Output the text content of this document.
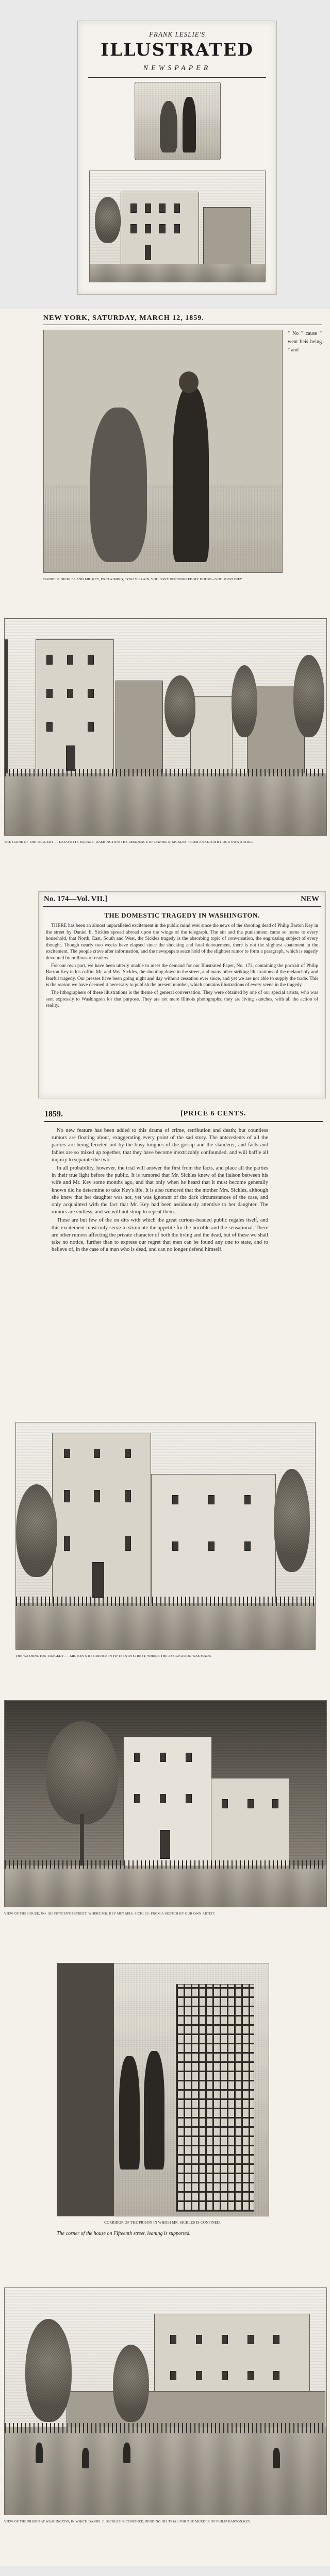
FRANK LESLIE'S
ILLUSTRATED
NEWSPAPER
NEW YORK, SATURDAY, MARCH 12, 1859.
DANIEL E. SICKLES AND MR. KEY, EXCLAIMING, "YOU VILLAIN, YOU HAVE DISHONORED MY HOUSE—YOU MUST DIE!"
" No " cause " went heis being " and
THE SCENE OF THE TRAGEDY — LAFAYETTE SQUARE, WASHINGTON; THE RESIDENCE OF DANIEL E. SICKLES. FROM A SKETCH BY OUR OWN ARTIST.
No. 174—Vol. VII.]	NEW
THE DOMESTIC TRAGEDY IN WASHINGTON.

THERE has been an almost unparalleled excitement in the public mind ever since the news of the shooting dead of Philip Barton Key in the street by Daniel E. Sickles spread abroad upon the wings of the telegraph. The sin and the punishment came so home to every household, that North, East, South and West, the Sickles tragedy is the absorbing topic of conversation, the engrossing subject of every thought. Though nearly two weeks have elapsed since the shocking and fatal denouement, there is not the slightest abatement in the excitement. The people crave after information, and the newspapers seize hold of the slightest rumor to form a paragraph, which is eagerly devoured by millions of readers.

For our own part, we have been utterly unable to meet the demand for our Illustrated Paper, No. 173, containing the portrait of Philip Barton Key in his coffin, Mr. and Mrs. Sickles, the shooting down in the street, and many other striking illustrations of the melancholy and fearful tragedy. Our presses have been going night and day without cessation ever since, and yet we are not able to supply the trade. This is the reason we have deemed it necessary to publish the present number, which contains illustrations of every scene in the tragedy.

The lithographers of these illustrations is the theme of general conversation. They were obtained by one of our special artists, who was sent expressly to Washington for that purpose. They are not mere Illinois photographs; they are living sketches, with all the action of reality.

1859.	[PRICE 6 CENTS.

No new feature has been added to this drama of crime, retribution and death; but countless rumors are floating about, exaggerating every point of the sad story. The antecedents of all the parties are being ferreted out by the busy tongues of the gossip and the slanderer, and facts and fables are so mixed up together, that they have become inextricably confounded, and will baffle all inquiry to separate the two.

In all probability, however, the trial will answer the first from the facts, and place all the parties in their true light before the public. It is rumored that Mr. Sickles knew of the liaison between his wife and Mr. Key some months ago, and that only when he heard that it must become generally known did he determine to take Key's life. It is also rumored that the mother Mrs. Sickles, although she knew that her daughter was not, yet was ignorant of the dark circumstances of the case, and only acquainted with the fact that Mr. Key had been assiduously attentive to her daughter. The rumors are endless, and we will not stoop to repeat them.

These are but few of the on dits with which the great curious-headed public regales itself, and this excitement must only serve to stimulate the appetite for the horrible and the sensational. There are other rumors affecting the private character of both the living and the dead, but of these we shall take no notice, further than to express our regret that men can be found any one to state, and to believe of, in the case of a man who is dead, and can no longer defend himself.

THE WASHINGTON TRAGEDY. — MR. KEY'S RESIDENCE IN FIFTEENTH STREET, WHERE THE ASSIGNATION WAS MADE.
VIEW OF THE HOUSE, NO. 383 FIFTEENTH STREET, WHERE MR. KEY MET MRS. SICKLES. FROM A SKETCH BY OUR OWN ARTIST.
CORRIDOR OF THE PRISON IN WHICH MR. SICKLES IS CONFINED.
The corner of the house on Fifteenth street, leaning is supported.
VIEW OF THE PRISON AT WASHINGTON, IN WHICH DANIEL E. SICKLES IS CONFINED, PENDING HIS TRIAL FOR THE MURDER OF PHILIP BARTON KEY.
